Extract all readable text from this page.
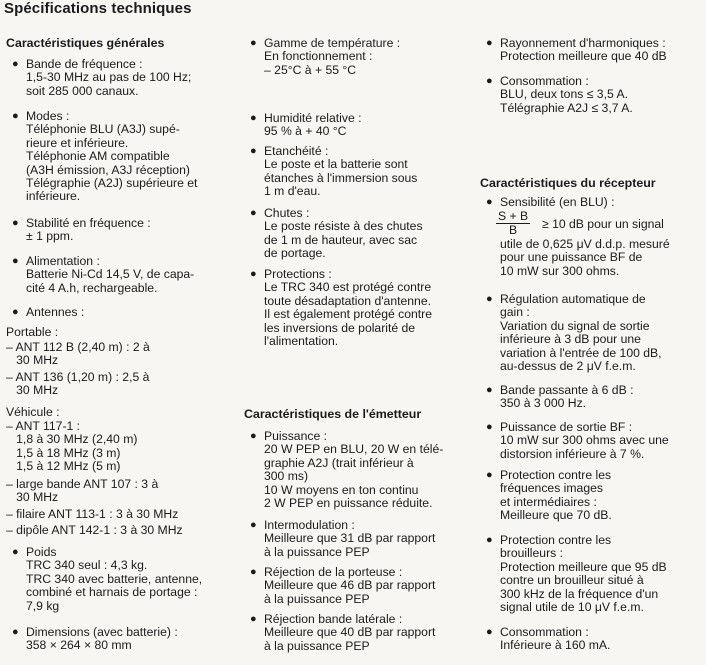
Spécifications techniques
Caractéristiques générales
● Bande de fréquence :
1,5-30 MHz au pas de 100 Hz;
soit 285 000 canaux.
● Modes :
Téléphonie BLU (A3J) supé-
rieure et inférieure.
Téléphonie AM compatible
(A3H émission, A3J réception)
Télégraphie (A2J) supérieure et
inférieure.
● Stabilité en fréquence :
± 1 ppm.
● Alimentation :
Batterie Ni-Cd 14,5 V, de capa-
cité 4 A.h, rechargeable.
● Antennes :
Portable :
– ANT 112 B (2,40 m) : 2 à
30 MHz
– ANT 136 (1,20 m) : 2,5 à
30 MHz
Véhicule :
– ANT 117-1 :
1,8 à 30 MHz (2,40 m)
1,5 à 18 MHz (3 m)
1,5 à 12 MHz (5 m)
– large bande ANT 107 : 3 à
30 MHz
– filaire ANT 113-1 : 3 à 30 MHz
– dipôle ANT 142-1 : 3 à 30 MHz
● Poids
TRC 340 seul : 4,3 kg.
TRC 340 avec batterie, antenne,
combiné et harnais de portage :
7,9 kg
● Dimensions (avec batterie) :
358 × 264 × 80 mm
● Gamme de température :
En fonctionnement :
– 25°C à + 55 °C
● Humidité relative :
95 % à + 40 °C
● Etanchéité :
Le poste et la batterie sont
étanches à l'immersion sous
1 m d'eau.
● Chutes :
Le poste résiste à des chutes
de 1 m de hauteur, avec sac
de portage.
● Protections :
Le TRC 340 est protégé contre
toute désadaptation d'antenne.
Il est également protégé contre
les inversions de polarité de
l'alimentation.
Caractéristiques de l'émetteur
● Puissance :
20 W PEP en BLU, 20 W en télé-
graphie A2J (trait inférieur à
300 ms)
10 W moyens en ton continu
2 W PEP en puissance réduite.
● Intermodulation :
Meilleure que 31 dB par rapport
à la puissance PEP
● Réjection de la porteuse :
Meilleure que 46 dB par rapport
à la puissance PEP
● Réjection bande latérale :
Meilleure que 40 dB par rapport
à la puissance PEP
● Rayonnement d'harmoniques :
Protection meilleure que 40 dB
● Consommation :
BLU, deux tons ≤ 3,5 A.
Télégraphie A2J ≤ 3,7 A.
Caractéristiques du récepteur
● Sensibilité (en BLU) :
$\frac{S + B}{B} \ge 10$ dB pour un signal
utile de 0,625 μV d.d.p. mesuré
pour une puissance BF de
10 mW sur 300 ohms.
● Régulation automatique de
gain :
Variation du signal de sortie
inférieure à 3 dB pour une
variation à l'entrée de 100 dB,
au-dessus de 2 μV f.e.m.
● Bande passante à 6 dB :
350 à 3 000 Hz.
● Puissance de sortie BF :
10 mW sur 300 ohms avec une
distorsion inférieure à 7 %.
● Protection contre les
fréquences images
et intermédiaires :
Meilleure que 70 dB.
● Protection contre les
brouilleurs :
Protection meilleure que 95 dB
contre un brouilleur situé à
300 kHz de la fréquence d'un
signal utile de 10 μV f.e.m.
● Consommation :
Inférieure à 160 mA.
